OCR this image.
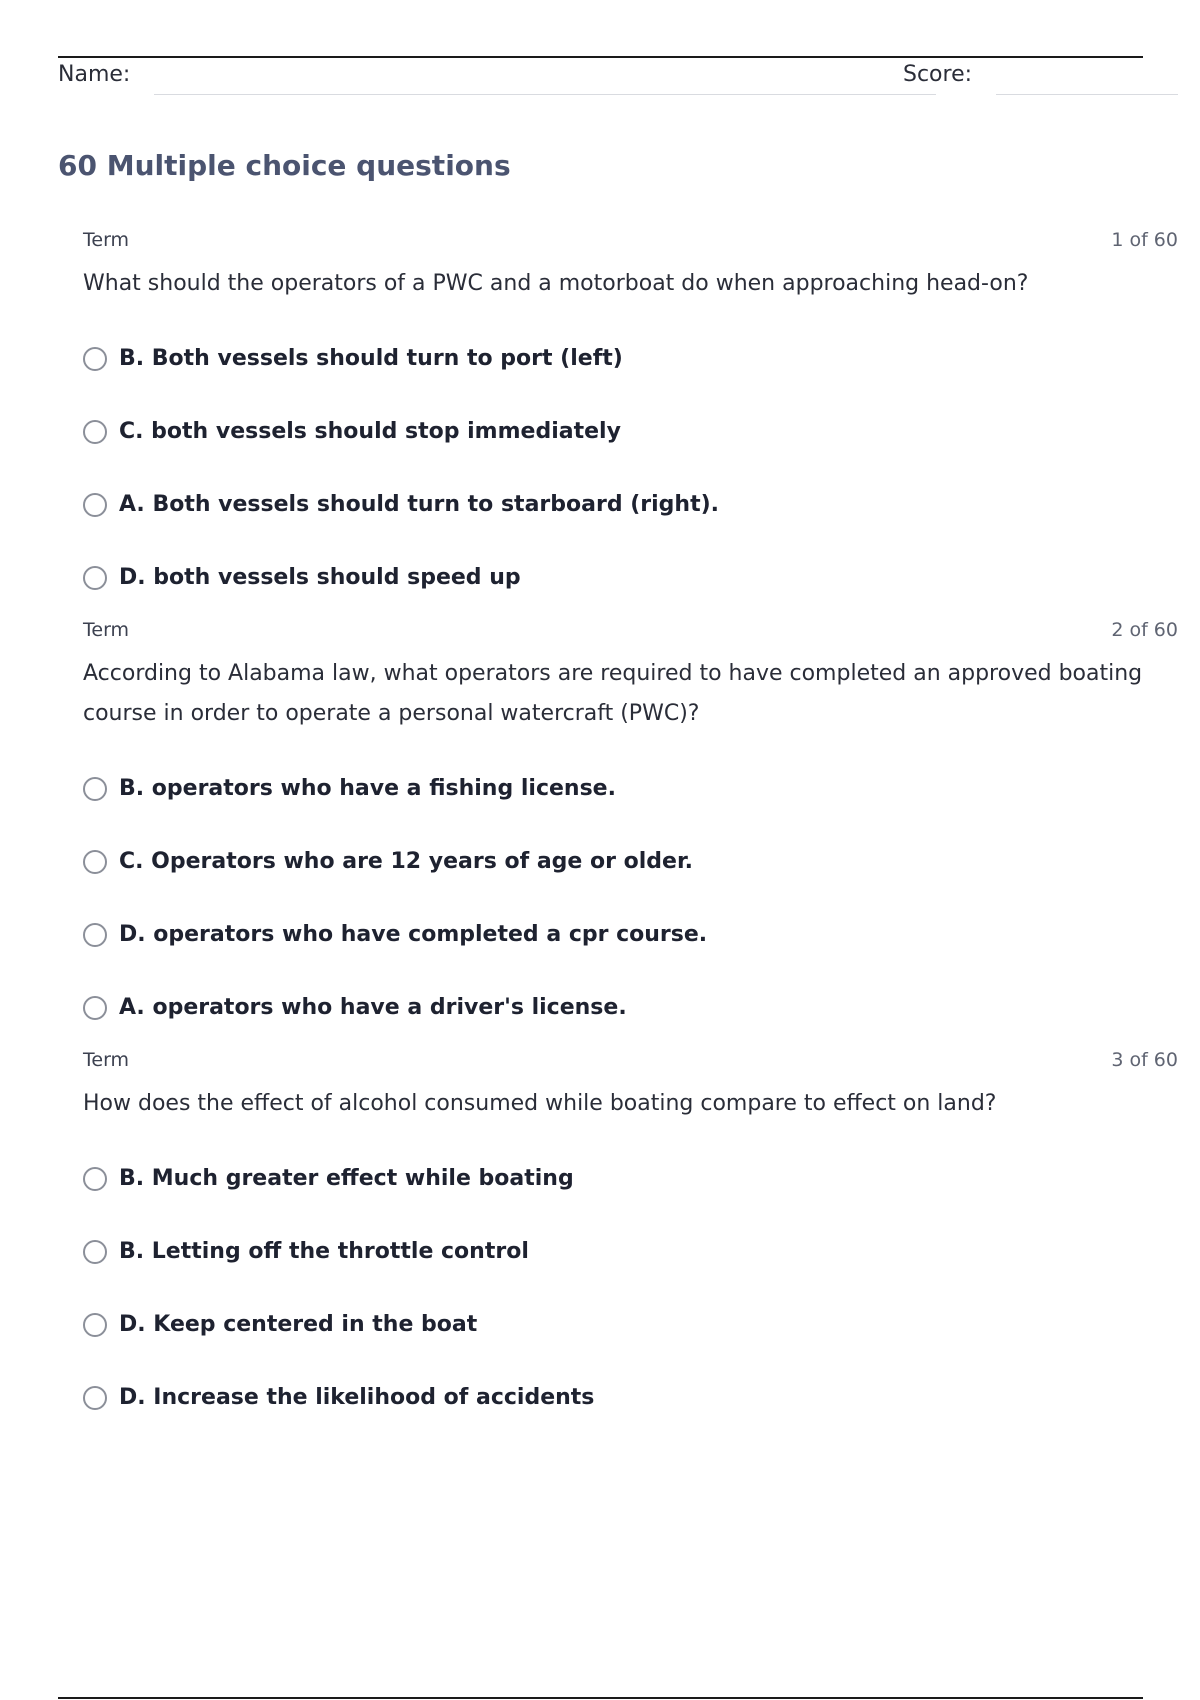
Name:	Score:
60 Multiple choice questions
Term	1 of 60
What should the operators of a PWC and a motorboat do when approaching head-on?
B. Both vessels should turn to port (left)
C. both vessels should stop immediately
A. Both vessels should turn to starboard (right).
D. both vessels should speed up
Term	2 of 60
According to Alabama law, what operators are required to have completed an approved boating course in order to operate a personal watercraft (PWC)?
B. operators who have a fishing license.
C. Operators who are 12 years of age or older.
D. operators who have completed a cpr course.
A. operators who have a driver's license.
Term	3 of 60
How does the effect of alcohol consumed while boating compare to effect on land?
B. Much greater effect while boating
B. Letting off the throttle control
D. Keep centered in the boat
D. Increase the likelihood of accidents
